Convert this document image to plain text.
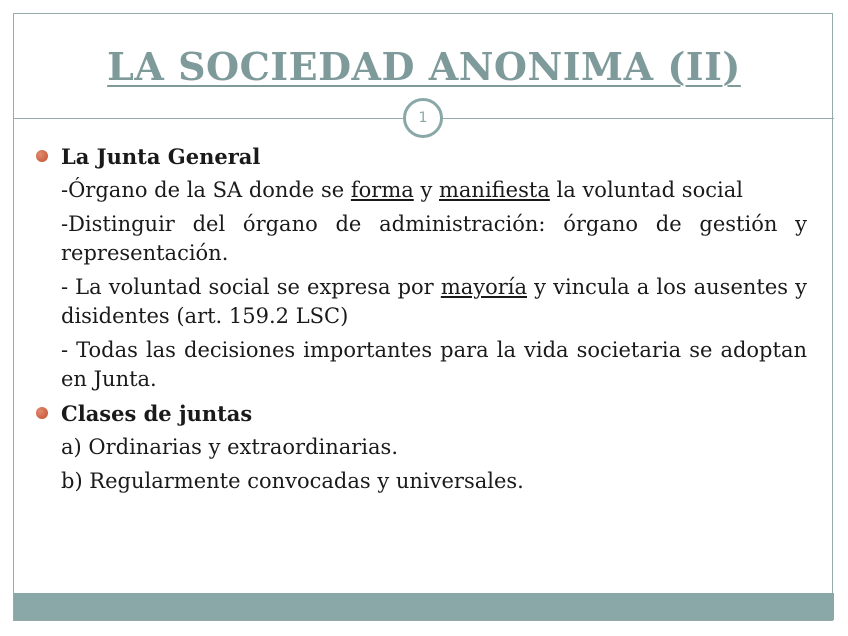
LA SOCIEDAD ANONIMA (II)
1
La Junta General
-Órgano de la SA donde se forma y manifiesta la voluntad social
-Distinguir del órgano de administración: órgano de gestión y representación.
- La voluntad social se expresa por mayoría y vincula a los ausentes y disidentes (art. 159.2 LSC)
- Todas las decisiones importantes para la vida societaria se adoptan en Junta.
Clases de juntas
a) Ordinarias y extraordinarias.
b) Regularmente convocadas y universales.
